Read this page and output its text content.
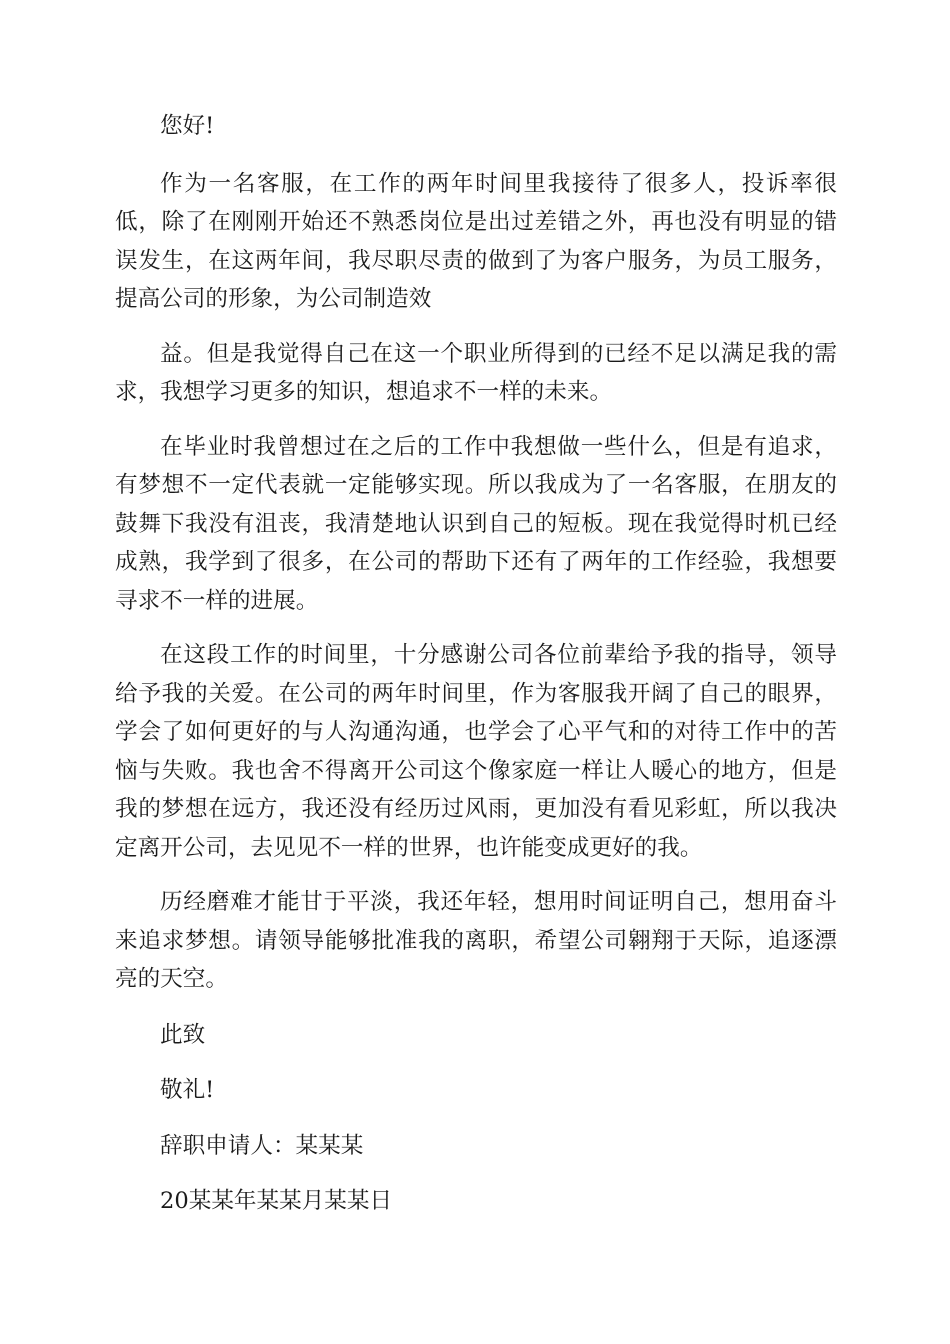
您好!

作为一名客服，在工作的两年时间里我接待了很多人，投诉率很低，除了在刚刚开始还不熟悉岗位是出过差错之外，再也没有明显的错误发生，在这两年间，我尽职尽责的做到了为客户服务，为员工服务，提高公司的形象，为公司制造效

益。但是我觉得自己在这一个职业所得到的已经不足以满足我的需求，我想学习更多的知识，想追求不一样的未来。

在毕业时我曾想过在之后的工作中我想做一些什么，但是有追求，有梦想不一定代表就一定能够实现。所以我成为了一名客服，在朋友的鼓舞下我没有沮丧，我清楚地认识到自己的短板。现在我觉得时机已经成熟，我学到了很多，在公司的帮助下还有了两年的工作经验，我想要寻求不一样的进展。

在这段工作的时间里，十分感谢公司各位前辈给予我的指导，领导给予我的关爱。在公司的两年时间里，作为客服我开阔了自己的眼界，学会了如何更好的与人沟通沟通，也学会了心平气和的对待工作中的苦恼与失败。我也舍不得离开公司这个像家庭一样让人暖心的地方，但是我的梦想在远方，我还没有经历过风雨，更加没有看见彩虹，所以我决定离开公司，去见见不一样的世界，也许能变成更好的我。

历经磨难才能甘于平淡，我还年轻，想用时间证明自己，想用奋斗来追求梦想。请领导能够批准我的离职，希望公司翱翔于天际，追逐漂亮的天空。

此致

敬礼!

辞职申请人：某某某

20某某年某某月某某日
